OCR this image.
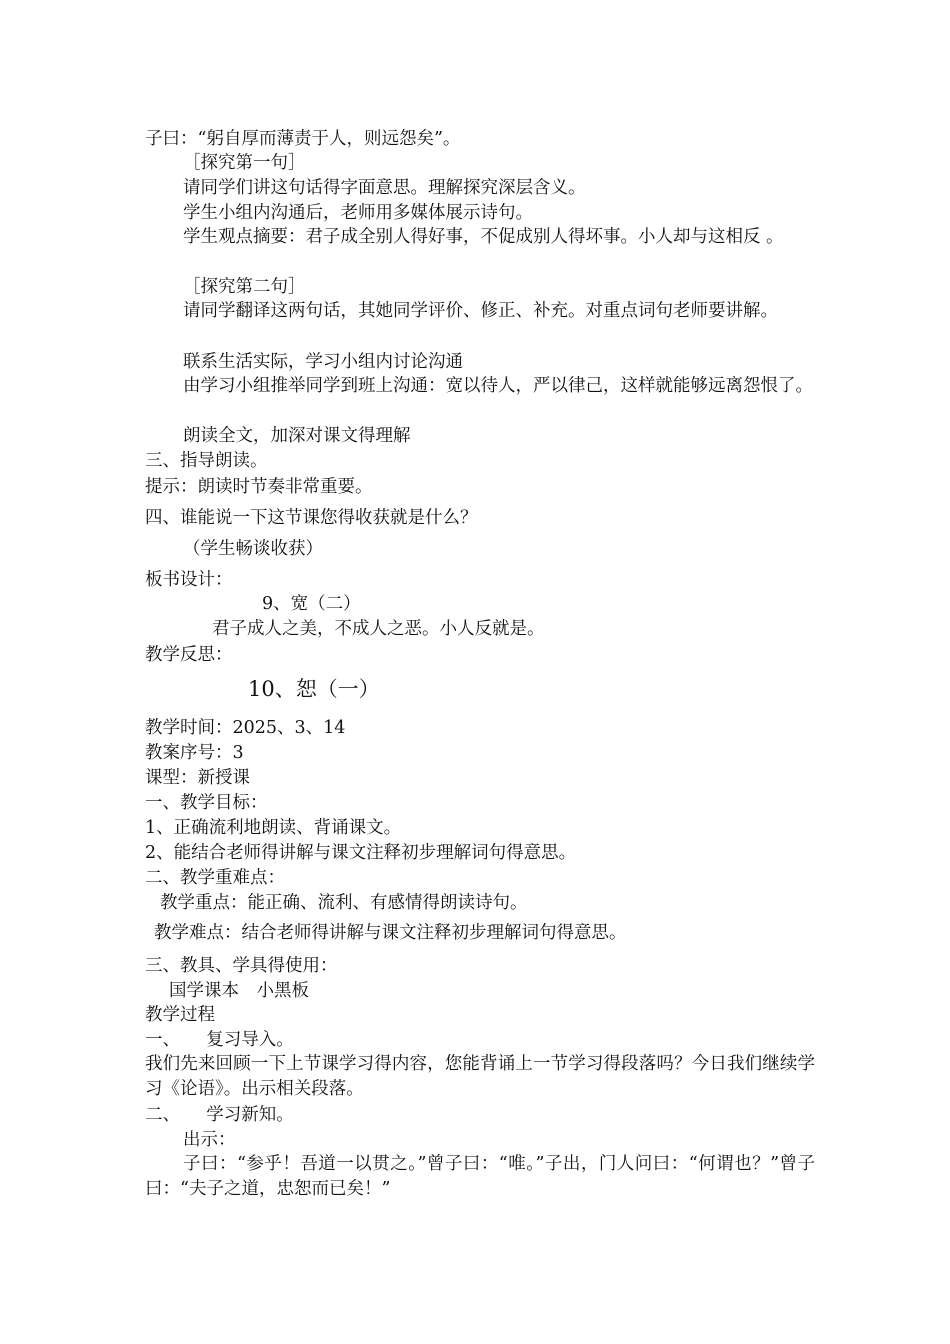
子曰：“躬自厚而薄责于人，则远怨矣”。
［探究第一句］
请同学们讲这句话得字面意思。理解探究深层含义。
学生小组内沟通后，老师用多媒体展示诗句。
学生观点摘要：君子成全别人得好事，不促成别人得坏事。小人却与这相反 。
［探究第二句］
请同学翻译这两句话，其她同学评价、修正、补充。对重点词句老师要讲解。
联系生活实际，学习小组内讨论沟通
由学习小组推举同学到班上沟通：宽以待人，严以律己，这样就能够远离怨恨了。
朗读全文，加深对课文得理解
三、指导朗读。
提示：朗读时节奏非常重要。
四、谁能说一下这节课您得收获就是什么？
（学生畅谈收获）
板书设计：
9、宽（二）
君子成人之美，不成人之恶。小人反就是。
教学反思：
10、恕（一）
教学时间：2025、3、14
教案序号：3
课型：新授课
一、教学目标：
1、正确流利地朗读、背诵课文。
2、能结合老师得讲解与课文注释初步理解词句得意思。
二、教学重难点：
教学重点：能正确、流利、有感情得朗读诗句。
教学难点：结合老师得讲解与课文注释初步理解词句得意思。
三、教具、学具得使用：
国学课本　小黑板
教学过程
一、　　复习导入。
我们先来回顾一下上节课学习得内容，您能背诵上一节学习得段落吗？今日我们继续学习《论语》。出示相关段落。
二、　　学习新知。
出示：
子曰：“参乎！吾道一以贯之。”曾子曰：“唯。”子出，门人问曰：“何谓也？”曾子曰：“夫子之道，忠恕而已矣！”
